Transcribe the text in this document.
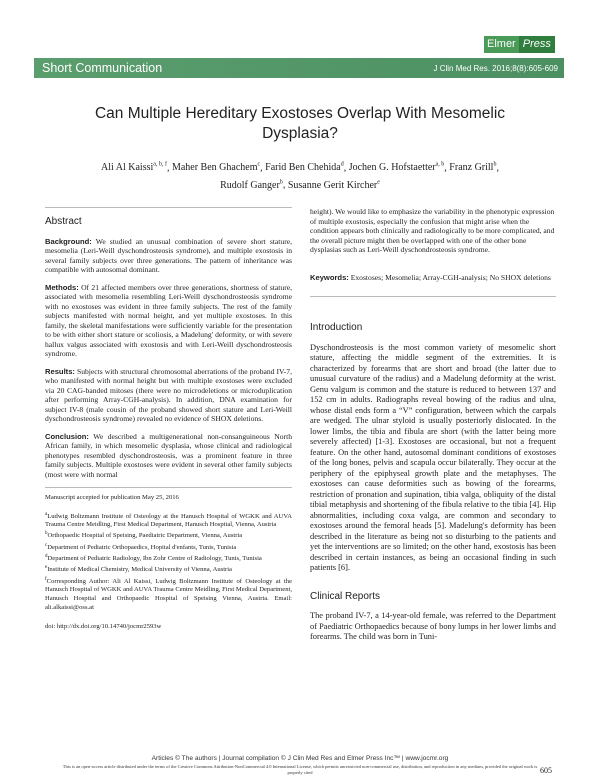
Elmer Press
Short Communication	J Clin Med Res. 2016;8(8):605-609
Can Multiple Hereditary Exostoses Overlap With Mesomelic Dysplasia?
Ali Al Kaissi$^{a, b, f}$, Maher Ben Ghachem$^c$, Farid Ben Chehida$^d$, Jochen G. Hofstaetter$^{a, b}$, Franz Grill$^b$,
Rudolf Ganger$^b$, Susanne Gerit Kircher$^e$
Abstract

Background: We studied an unusual combination of severe short stature, mesomelia (Leri-Weill dyschondrosteosis syndrome), and multiple exostosis in several family subjects over three generations. The pattern of inheritance was compatible with autosomal dominant.

Methods: Of 21 affected members over three generations, shortness of stature, associated with mesomelia resembling Leri-Weill dyschondrosteosis syndrome with no exostoses was evident in three family subjects. The rest of the family subjects manifested with normal height, and yet multiple exostoses. In this family, the skeletal manifestations were sufficiently variable for the presentation to be with either short stature or scoliosis, a Madelung' deformity, or with severe hallux valgus associated with exostosis and with Leri-Weill dyschondrosteosis syndrome.

Results: Subjects with structural chromosomal aberrations of the proband IV-7, who manifested with normal height but with multiple exostoses were excluded via 20 CAG-banded mitoses (there were no microdeletions or microduplication after performing Array-CGH-analysis). In addition, DNA examination for subject IV-8 (male cousin of the proband showed short stature and Leri-Weill dyschondrosteosis syndrome) revealed no evidence of SHOX deletions.

Conclusion: We described a multigenerational non-consanguineous North African family, in which mesomelic dysplasia, whose clinical and radiological phenotypes resembled dyschondrosteosis, was a prominent feature in three family subjects. Multiple exostoses were evident in several other family subjects (most were with normal

Manuscript accepted for publication May 25, 2016
$^a$Ludwig Boltzmann Institute of Osteology at the Hanusch Hospital of WGKK and AUVA Trauma Centre Meidling, First Medical Department, Hanusch Hospital, Vienna, Austria
$^b$Orthopaedic Hospital of Speising, Paediatric Department, Vienna, Austria
$^c$Department of Pediatric Orthopaedics, Hopital d'enfants, Tunis, Tunisia
$^d$Department of Pediatric Radiology, Ibn Zohr Centre of Radiology, Tunis, Tunisia
$^e$Institute of Medical Chemistry, Medical University of Vienna, Austria
$^f$Corresponding Author: Ali Al Kaissi, Ludwig Boltzmann Institute of Osteology at the Hanusch Hospital of WGKK and AUVA Trauma Centre Meidling, First Medical Department, Hanusch Hospital and Orthopaedic Hospital of Speising Vienna, Austria. Email: ali.alkaissi@oss.at
doi: http://dx.doi.org/10.14740/jocmr2593w

height). We would like to emphasize the variability in the phenotypic expression of multiple exostosis, especially the confusion that might arise when the condition appears both clinically and radiologically to be more complicated, and the overall picture might then be overlapped with one of the other bone dysplasias such as Leri-Weill dyschondrosteosis syndrome.

Keywords: Exostoses; Mesomelia; Array-CGH-analysis; No SHOX deletions

Introduction

Dyschondrosteosis is the most common variety of mesomelic short stature, affecting the middle segment of the extremities. It is characterized by forearms that are short and broad (the latter due to unusual curvature of the radius) and a Madelung deformity at the wrist. Genu valgum is common and the stature is reduced to between 137 and 152 cm in adults. Radiographs reveal bowing of the radius and ulna, whose distal ends form a “V” configuration, between which the carpals are wedged. The ulnar styloid is usually posteriorly dislocated. In the lower limbs, the tibia and fibula are short (with the latter being more severely affected) [1-3]. Exostoses are occasional, but not a frequent feature. On the other hand, autosomal dominant conditions of exostoses of the long bones, pelvis and scapula occur bilaterally. They occur at the periphery of the epiphyseal growth plate and the metaphyses. The exostoses can cause deformities such as bowing of the forearms, restriction of pronation and supination, tibia valga, obliquity of the distal tibial metaphysis and shortening of the fibula relative to the tibia [4]. Hip abnormalities, including coxa valga, are common and secondary to exostoses around the femoral heads [5]. Madelung's deformity has been described in the literature as being not so disturbing to the patients and yet the interventions are so limited; on the other hand, exostosis has been described in certain instances, as being an occasional finding in such patients [6].

Clinical Reports

The proband IV-7, a 14-year-old female, was referred to the Department of Paediatric Orthopaedics because of bony lumps in her lower limbs and forearms. The child was born in Tuni-

Articles © The authors | Journal compilation © J Clin Med Res and Elmer Press Inc™ | www.jocmr.org
This is an open-access article distributed under the terms of the Creative Commons Attribution-NonCommercial 4.0 International License, which permits unrestricted non-commercial use, distribution, and reproduction in any medium, provided the original work is properly cited	605
